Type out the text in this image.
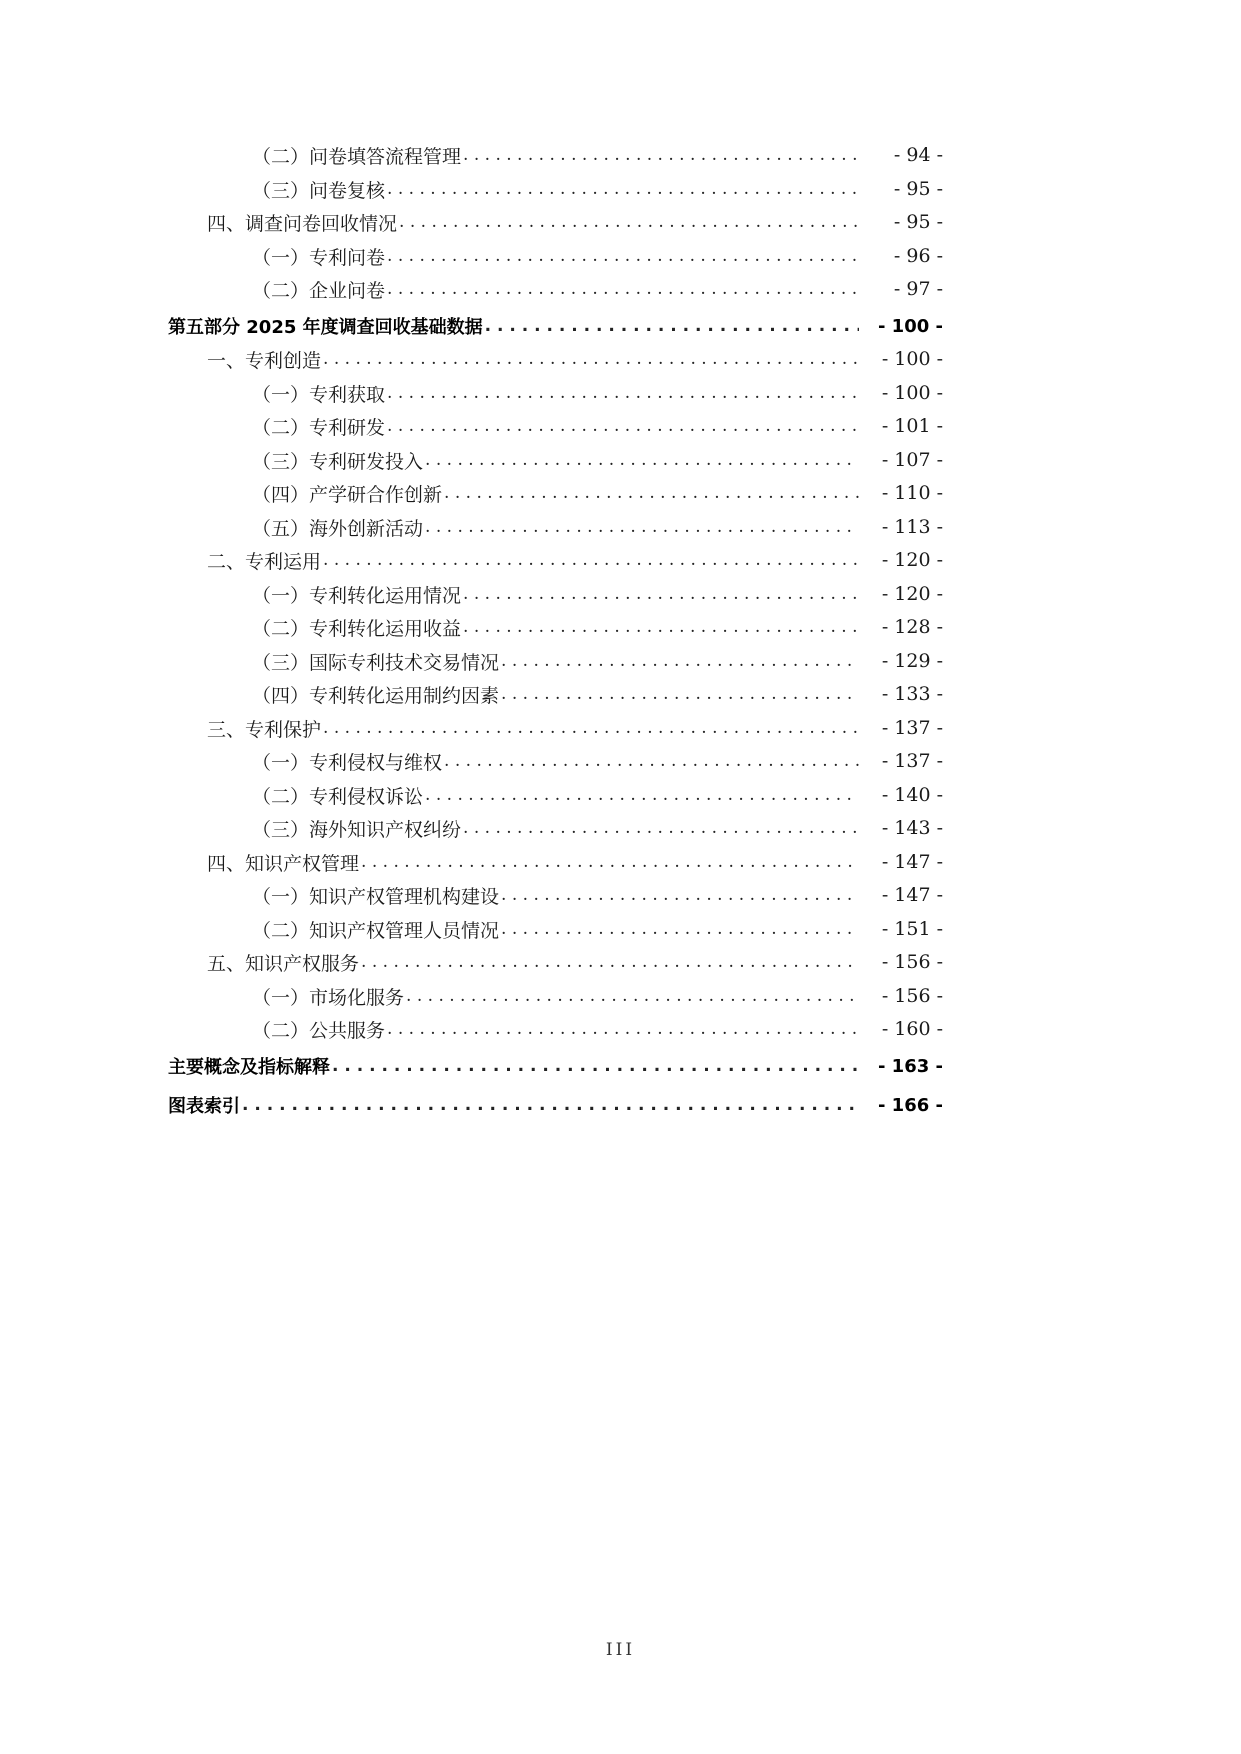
（二）问卷填答流程管理 . . .	- 94 -
（三）问卷复核 . . .	- 95 -
四、调查问卷回收情况 . . .	- 95 -
（一）专利问卷 . . .	- 96 -
（二）企业问卷 . . .	- 97 -
第五部分 2025 年度调查回收基础数据 . . .	- 100 -
一、专利创造 . . .	- 100 -
（一）专利获取 . . .	- 100 -
（二）专利研发 . . .	- 101 -
（三）专利研发投入 . . .	- 107 -
（四）产学研合作创新 . . .	- 110 -
（五）海外创新活动 . . .	- 113 -
二、专利运用 . . .	- 120 -
（一）专利转化运用情况 . . .	- 120 -
（二）专利转化运用收益 . . .	- 128 -
（三）国际专利技术交易情况 . . .	- 129 -
（四）专利转化运用制约因素 . . .	- 133 -
三、专利保护 . . .	- 137 -
（一）专利侵权与维权 . . .	- 137 -
（二）专利侵权诉讼 . . .	- 140 -
（三）海外知识产权纠纷 . . .	- 143 -
四、知识产权管理 . . .	- 147 -
（一）知识产权管理机构建设 . . .	- 147 -
（二）知识产权管理人员情况 . . .	- 151 -
五、知识产权服务 . . .	- 156 -
（一）市场化服务 . . .	- 156 -
（二）公共服务 . . .	- 160 -
主要概念及指标解释 . . .	- 163 -
图表索引 . . .	- 166 -
III
